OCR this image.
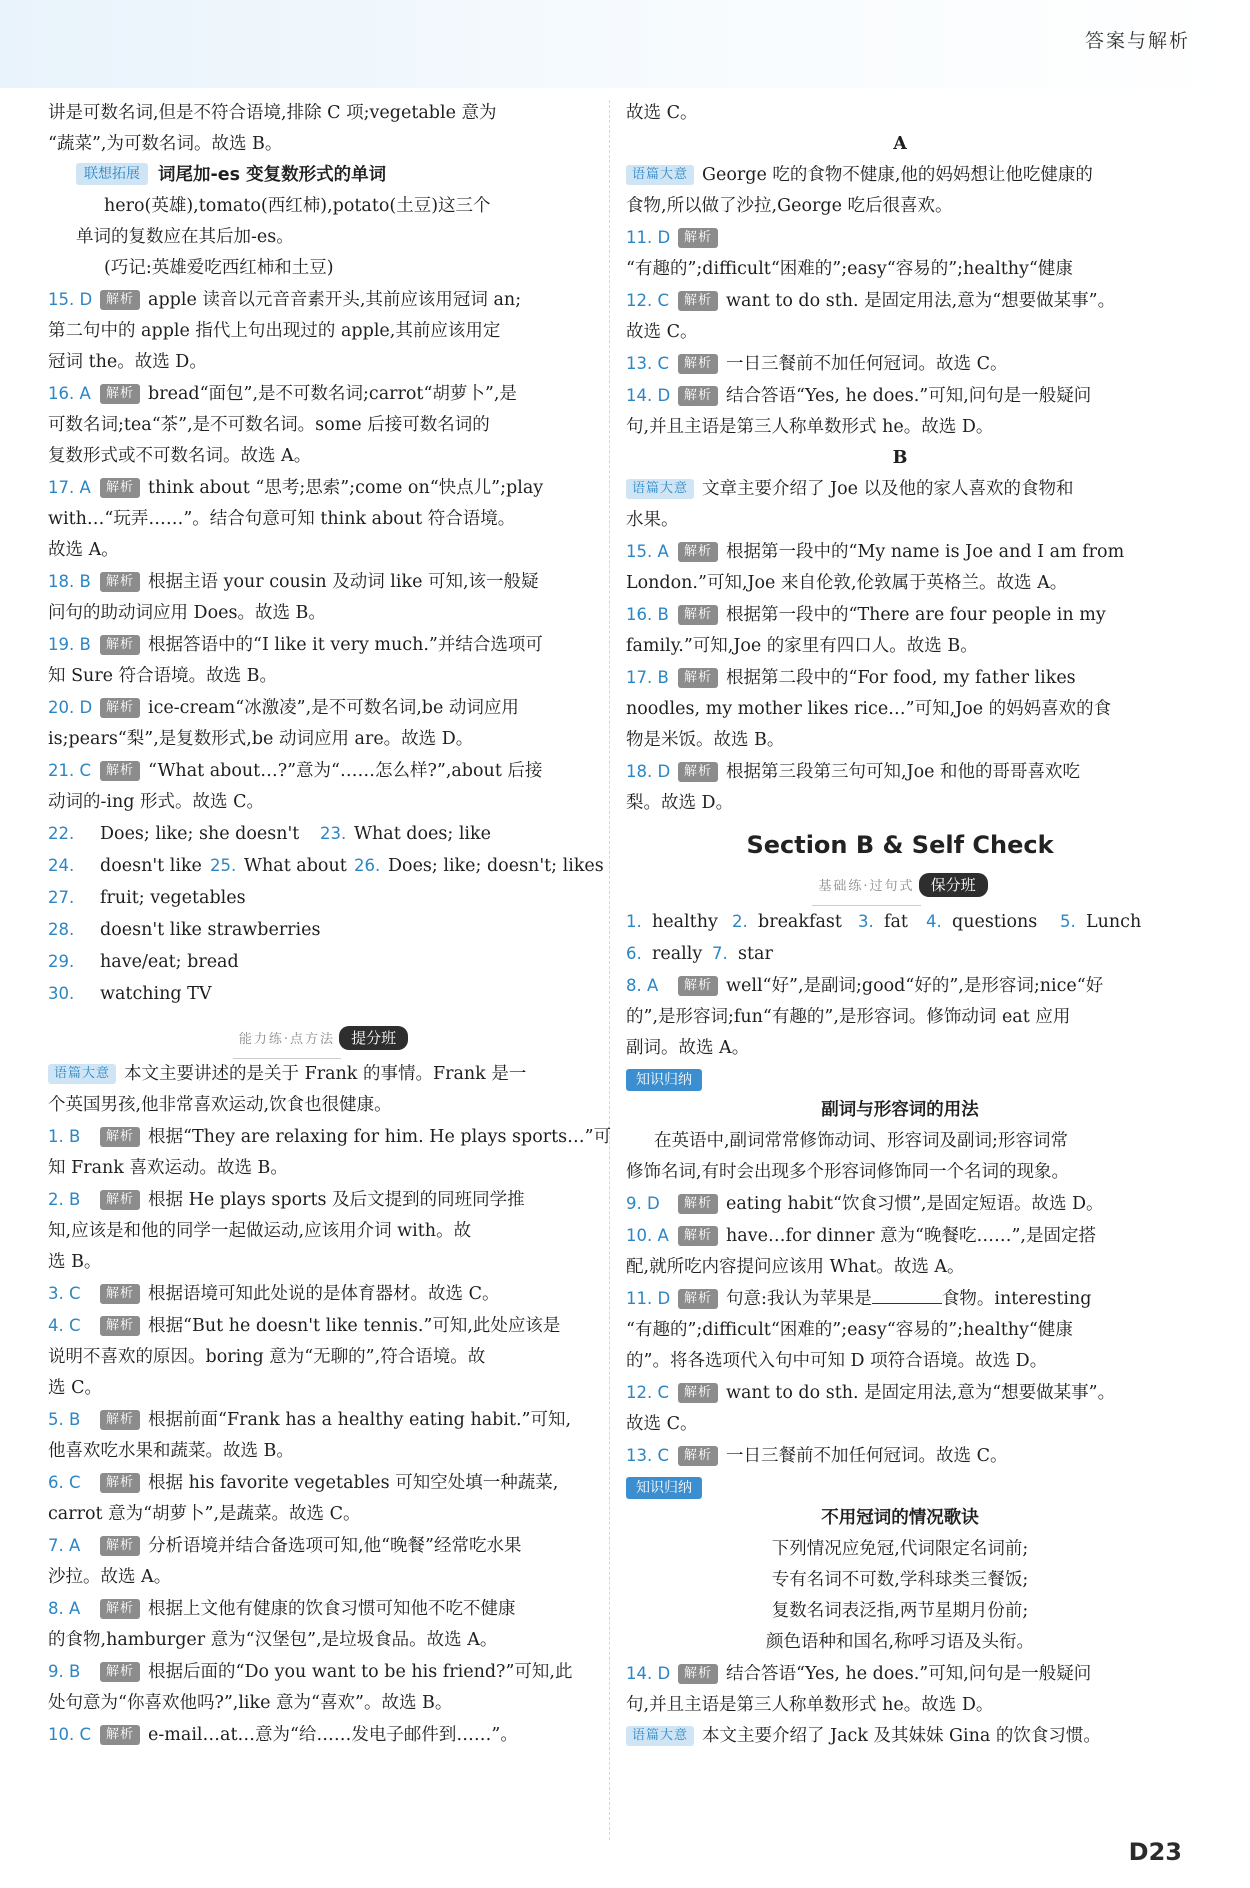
答案与解析
讲是可数名词,但是不符合语境,排除 C 项;vegetable 意为
“蔬菜”,为可数名词。故选 B。
联想拓展 词尾加-es 变复数形式的单词
hero(英雄),tomato(西红柿),potato(土豆)这三个
单词的复数应在其后加-es。
(巧记:英雄爱吃西红柿和土豆)
15. D 解析 apple 读音以元音音素开头,其前应该用冠词 an;
第二句中的 apple 指代上句出现过的 apple,其前应该用定
冠词 the。故选 D。
16. A 解析 bread“面包”,是不可数名词;carrot“胡萝卜”,是
可数名词;tea“茶”,是不可数名词。some 后接可数名词的
复数形式或不可数名词。故选 A。
17. A 解析 think about “思考;思索”;come on“快点儿”;play
with…“玩弄……”。结合句意可知 think about 符合语境。
故选 A。
18. B 解析 根据主语 your cousin 及动词 like 可知,该一般疑
问句的助动词应用 Does。故选 B。
19. B 解析 根据答语中的“I like it very much.”并结合选项可
知 Sure 符合语境。故选 B。
20. D 解析 ice-cream“冰激凌”,是不可数名词,be 动词应用
is;pears“梨”,是复数形式,be 动词应用 are。故选 D。
21. C 解析 “What about…?”意为“……怎么样?”,about 后接
动词的-ing 形式。故选 C。
22. Does; like; she doesn't 23. What does; like
24. doesn't like 25. What about 26. Does; like; doesn't; likes
27. fruit; vegetables
28. doesn't like strawberries
29. have/eat; bread
30. watching TV
能力练·点方法 提分班
语篇大意 本文主要讲述的是关于 Frank 的事情。Frank 是一
个英国男孩,他非常喜欢运动,饮食也很健康。
1. B 解析 根据“They are relaxing for him. He plays sports…”可
知 Frank 喜欢运动。故选 B。
2. B 解析 根据 He plays sports 及后文提到的同班同学推
知,应该是和他的同学一起做运动,应该用介词 with。故
选 B。
3. C 解析 根据语境可知此处说的是体育器材。故选 C。
4. C 解析 根据“But he doesn't like tennis.”可知,此处应该是
说明不喜欢的原因。boring 意为“无聊的”,符合语境。故
选 C。
5. B 解析 根据前面“Frank has a healthy eating habit.”可知,
他喜欢吃水果和蔬菜。故选 B。
6. C 解析 根据 his favorite vegetables 可知空处填一种蔬菜,
carrot 意为“胡萝卜”,是蔬菜。故选 C。
7. A 解析 分析语境并结合备选项可知,他“晚餐”经常吃水果
沙拉。故选 A。
8. A 解析 根据上文他有健康的饮食习惯可知他不吃不健康
的食物,hamburger 意为“汉堡包”,是垃圾食品。故选 A。
9. B 解析 根据后面的“Do you want to be his friend?”可知,此
处句意为“你喜欢他吗?”,like 意为“喜欢”。故选 B。
10. C 解析 e-mail…at…意为“给……发电子邮件到……”。
故选 C。
A
语篇大意 George 吃的食物不健康,他的妈妈想让他吃健康的
食物,所以做了沙拉,George 吃后很喜欢。
11. D 解析
“有趣的”;difficult“困难的”;easy“容易的”;healthy“健康
12. C 解析 want to do sth. 是固定用法,意为“想要做某事”。
故选 C。
13. C 解析 一日三餐前不加任何冠词。故选 C。
14. D 解析 结合答语“Yes, he does.”可知,问句是一般疑问
句,并且主语是第三人称单数形式 he。故选 D。
B
语篇大意 文章主要介绍了 Joe 以及他的家人喜欢的食物和
水果。
15. A 解析 根据第一段中的“My name is Joe and I am from
London.”可知,Joe 来自伦敦,伦敦属于英格兰。故选 A。
16. B 解析 根据第一段中的“There are four people in my
family.”可知,Joe 的家里有四口人。故选 B。
17. B 解析 根据第二段中的“For food, my father likes
noodles, my mother likes rice…”可知,Joe 的妈妈喜欢的食
物是米饭。故选 B。
18. D 解析 根据第三段第三句可知,Joe 和他的哥哥喜欢吃
梨。故选 D。
Section B & Self Check
基础练·过句式 保分班
1. healthy 2. breakfast 3. fat 4. questions 5. Lunch
6. really 7. star
8. A 解析 well“好”,是副词;good“好的”,是形容词;nice“好
的”,是形容词;fun“有趣的”,是形容词。修饰动词 eat 应用
副词。故选 A。
知识归纳
副词与形容词的用法
在英语中,副词常常修饰动词、形容词及副词;形容词常
修饰名词,有时会出现多个形容词修饰同一个名词的现象。
9. D 解析 eating habit“饮食习惯”,是固定短语。故选 D。
10. A 解析 have…for dinner 意为“晚餐吃……”,是固定搭
配,就所吃内容提问应该用 What。故选 A。
11. D 解析 句意:我认为苹果是	食物。interesting
“有趣的”;difficult“困难的”;easy“容易的”;healthy“健康
的”。将各选项代入句中可知 D 项符合语境。故选 D。
12. C 解析 want to do sth. 是固定用法,意为“想要做某事”。
故选 C。
13. C 解析 一日三餐前不加任何冠词。故选 C。
知识归纳
不用冠词的情况歌诀
下列情况应免冠,代词限定名词前;
专有名词不可数,学科球类三餐饭;
复数名词表泛指,两节星期月份前;
颜色语种和国名,称呼习语及头衔。
14. D 解析 结合答语“Yes, he does.”可知,问句是一般疑问
句,并且主语是第三人称单数形式 he。故选 D。
语篇大意 本文主要介绍了 Jack 及其妹妹 Gina 的饮食习惯。
D23
